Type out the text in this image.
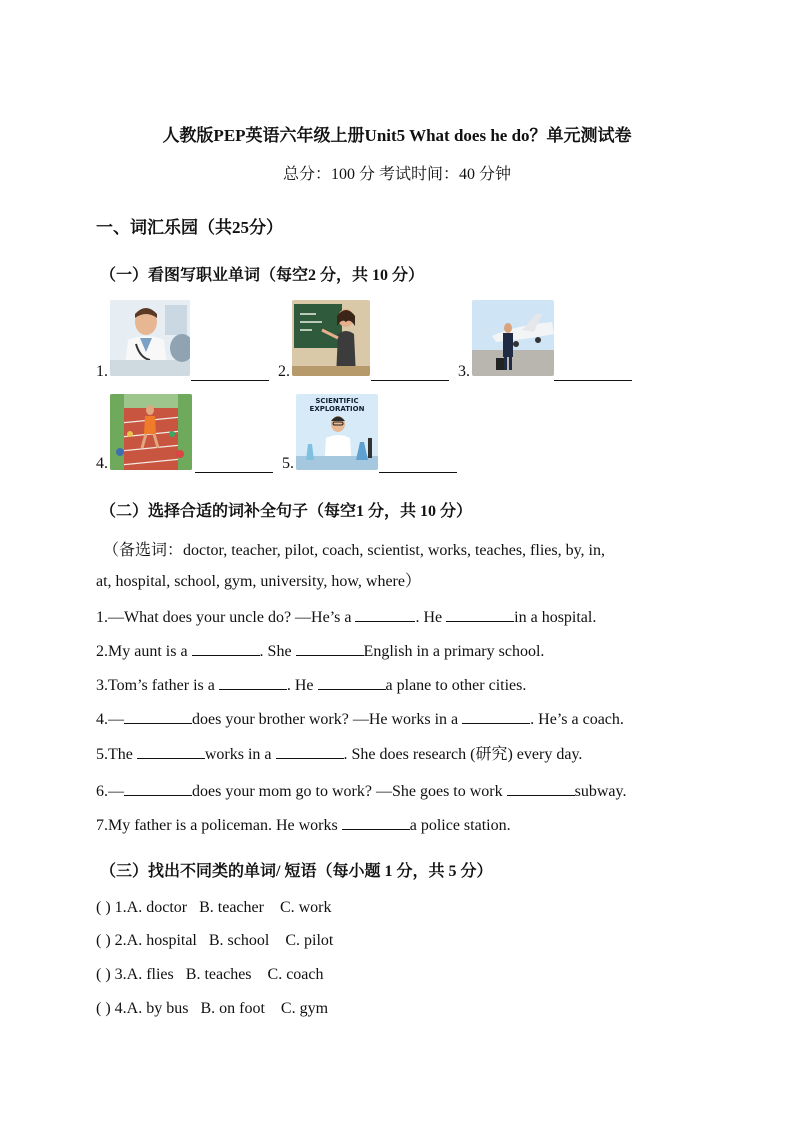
人教版PEP英语六年级上册Unit5 What does he do？单元测试卷
总分：100 分 考试时间：40 分钟
一、词汇乐园（共25分）
（一）看图写职业单词（每空2 分，共 10 分）
1.	2.	3.
4.
SCIENTIFIC
EXPLORATION
5.
（二）选择合适的词补全句子（每空1 分，共 10 分）
（备选词：doctor, teacher, pilot, coach, scientist, works, teaches, flies, by, in,
at, hospital, school, gym, university, how, where）
1.—What does your uncle do? —He’s a	. He	in a hospital.
2.My aunt is a	. She	English in a primary school.
3.Tom’s father is a	. He	a plane to other cities.
4.—	does your brother work? —He works in a	. He’s a coach.
5.The	works in a	. She does research (研究) every day.
6.—	does your mom go to work? —She goes to work	subway.
7.My father is a policeman. He works	a police station.
（三）找出不同类的单词/ 短语（每小题 1 分，共 5 分）
( ) 1.A. doctor B. teacher C. work
( ) 2.A. hospital B. school C. pilot
( ) 3.A. flies B. teaches C. coach
( ) 4.A. by bus B. on foot C. gym
